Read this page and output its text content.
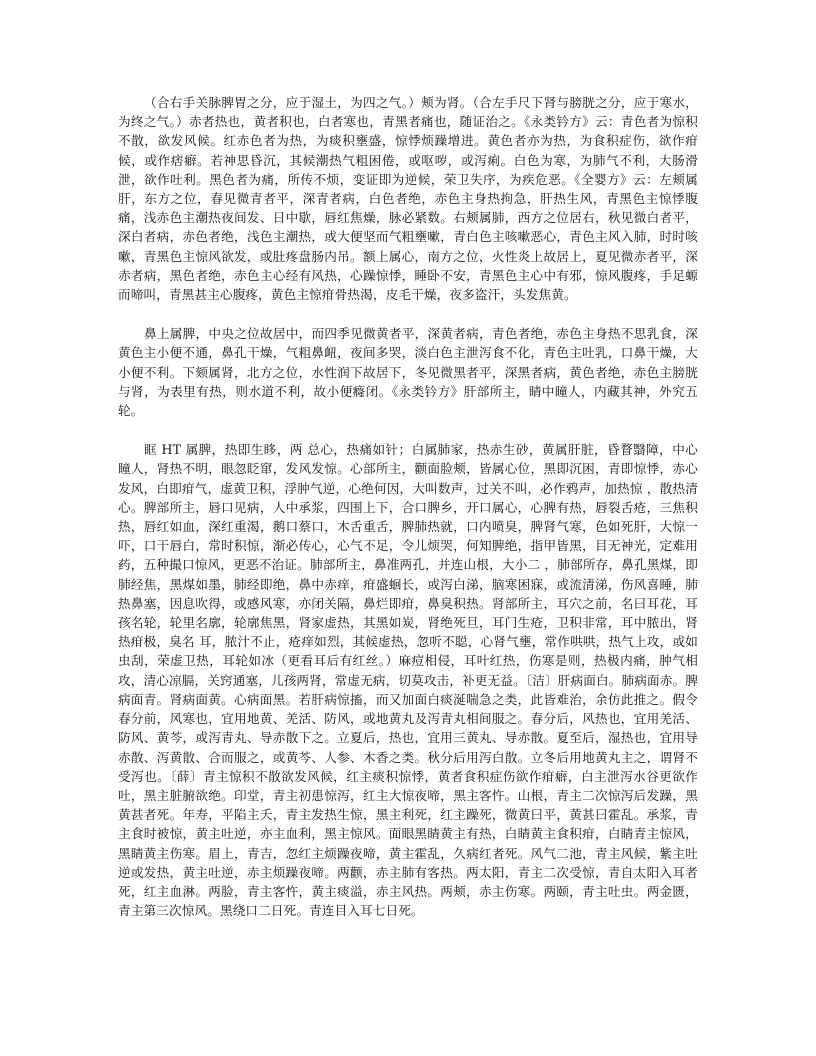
（合右手关脉脾胃之分，应于湿土，为四之气。）颊为肾。（合左手尺下肾与膀胱之分，应于寒水，为终之气。）赤者热也，黄者积也，白者寒也，青黑者痛也，随证治之。《永类钤方》云：青色者为惊积不散，欲发风候。红赤色者为热，为痰积壅盛，惊悸烦躁增进。黄色者亦为热，为食积症伤，欲作疳候，或作痞癖。若神思昏沉，其候潮热气粗困倦，或呕哕，或泻痢。白色为寒，为肺气不利，大肠滑泄，欲作吐利。黑色者为痛，所传不烦，变证即为逆候，荣卫失序，为疾危恶。《全婴方》云：左颊属肝，东方之位，春见微青者平，深青者病，白色者绝，赤色主身热拘急，肝热生风，青黑色主惊悸腹痛，浅赤色主潮热夜间发、日中歇，唇红焦燥，脉必紧数。右颊属肺，西方之位居右，秋见微白者平，深白者病，赤色者绝，浅色主潮热，或大便坚而气粗壅嗽，青白色主咳嗽恶心，青色主风入肺，时时咳嗽，青黑色主惊风欲发，或肚疼盘肠内吊。额上属心，南方之位，火性炎上故居上，夏见微赤者平，深赤者病，黑色者绝，赤色主心经有风热，心躁惊悸，睡卧不安，青黑色主心中有邪，惊风腹疼，手足螈 而啼叫，青黑甚主心腹疼，黄色主惊疳骨热渴，皮毛干燥，夜多盗汗，头发焦黄。

鼻上属脾，中央之位故居中，而四季见微黄者平，深黄者病，青色者绝，赤色主身热不思乳食，深黄色主小便不通，鼻孔干燥，气粗鼻衄，夜间多哭，淡白色主泄泻食不化，青色主吐乳，口鼻干燥，大小便不利。下颏属肾，北方之位，水性润下故居下，冬见微黑者平，深黑者病，黄色者绝，赤色主膀胱与肾，为表里有热，则水道不利，故小便癃闭。《永类钤方》肝部所主，睛中瞳人，内藏其神，外究五轮。

眶 HT 属脾，热即生眵，两 总心，热痛如针；白属肺家，热赤生砂，黄属肝脏，昏瞀翳障，中心瞳人，肾热不明，眼忽眨窜，发风发惊。心部所主，颧面脸颊，皆属心位，黑即沉困，青即惊悸，赤心发风，白即疳气，虚黄卫积，浮肿气逆，心绝何因，大叫数声，过关不叫，必作鸦声，加热惊 ，散热清心。脾部所主，唇口见病，人中承浆，四围上下，合口脾乡，开口属心，心脾有热，唇裂舌疮，三焦积热，唇红如血，深红重渴，鹅口蔡口，木舌重舌，脾肺热就，口内喷臭，脾肾气寒，色如死肝，大惊一吓，口干唇白，常时积惊，渐必传心，心气不足，令儿烦哭，何知脾绝，指甲皆黑，目无神光，定难用药，五种撮口惊风，更恶不治证。肺部所主，鼻准两孔，并连山根，大小二 ，肺部所存，鼻孔黑煤，即肺经焦，黑煤如墨，肺经即绝，鼻中赤痒，疳盛蛔长，或泻白涕，脑寒困寐，或流清涕，伤风喜睡，肺热鼻塞，因息吹得，或感风寒，亦闭关隔，鼻烂即疳，鼻臭积热。肾部所主，耳穴之前，名曰耳花，耳孩名轮，轮里名廓，轮廓焦黑，肾家虚热，其黑如炭，肾绝死旦，耳门生疮，卫积非常，耳中脓出，肾热疳极，臭名 耳，脓汁不止，疮痒如烈，其候虚热，忽听不聪，心肾气壅，常作哄哄，热气上攻，或如虫刮，荣虚卫热，耳轮如冰（更看耳后有红丝。）麻痘相侵，耳叶红热，伤寒是则，热极内痛，肿气相攻，清心凉膈，关窍通塞，儿孩两肾，常虚无病，切莫攻击，补更无益。〔洁〕肝病面白。肺病面赤。脾病面青。肾病面黄。心病面黑。若肝病惊搐，而又加面白痰涎喘急之类，此皆难治，余仿此推之。假令春分前，风寒也，宜用地黄、羌活、防风，或地黄丸及泻青丸相间服之。春分后，风热也，宜用羌活、防风、黄芩，或泻青丸、导赤散下之。立夏后，热也，宜用三黄丸、导赤散。夏至后，湿热也，宜用导赤散、泻黄散、合而服之，或黄芩、人参、木香之类。秋分后用泻白散。立冬后用地黄丸主之，谓肾不受泻也。〔薛〕青主惊积不散欲发风候，红主痰积惊悸，黄者食积症伤欲作疳癖，白主泄泻水谷更欲作吐，黑主脏腑欲绝。印堂，青主初患惊泻，红主大惊夜啼，黑主客忤。山根，青主二次惊泻后发躁，黑黄甚者死。年寿，平陷主夭，青主发热生惊，黑主利死，红主躁死，微黄曰平，黄甚曰霍乱。承浆，青主食时被惊，黄主吐逆，亦主血利，黑主惊风。面眼黑睛黄主有热，白睛黄主食积疳，白睛青主惊风，黑睛黄主伤寒。眉上，青吉，忽红主烦躁夜啼，黄主霍乱，久病红者死。风气二池，青主风候，紫主吐逆或发热，黄主吐逆，赤主烦躁夜啼。两颧，赤主肺有客热。两太阳，青主二次受惊，青自太阳入耳者死，红主血淋。两脸，青主客忤，黄主痰溢，赤主风热。两颊，赤主伤寒。两颐，青主吐虫。两金匮，青主第三次惊风。黑绕口二日死。青连目入耳七日死。
